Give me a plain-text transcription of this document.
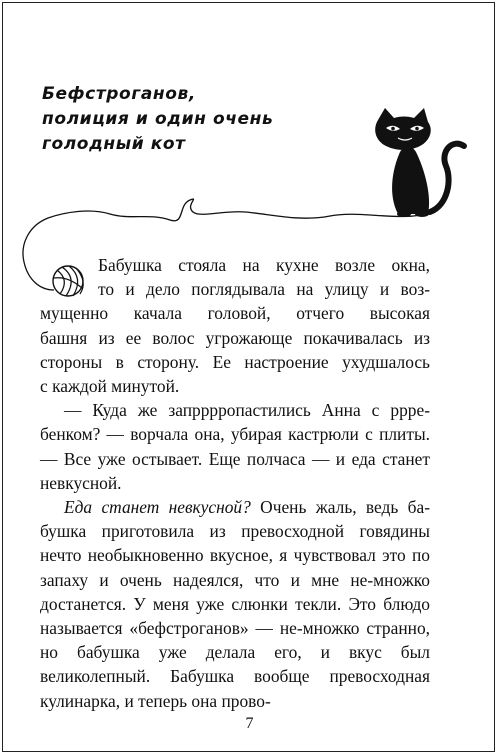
Бефстроганов,
полиция и один очень
голодный кот

Бабушка стояла на кухне возле окна,
то и дело поглядывала на улицу и воз-
мущенно качала головой, отчего высокая
башня из ее волос угрожающе покачивалась из
стороны в сторону. Ее настроение ухудшалось
с каждой минутой.

— Куда же запрррропастились Анна с ррре-бенком? — ворчала она, убирая кастрюли с плиты. — Все уже остывает. Еще полчаса — и еда станет невкусной.

Еда станет невкусной? Очень жаль, ведь ба-бушка приготовила из превосходной говядины нечто необыкновенно вкусное, я чувствовал это по запаху и очень надеялся, что и мне не-множко достанется. У меня уже слюнки текли. Это блюдо называется «бефстроганов» — не-множко странно, но бабушка уже делала его, и вкус был великолепный. Бабушка вообще превосходная кулинарка, и теперь она прово-

7
